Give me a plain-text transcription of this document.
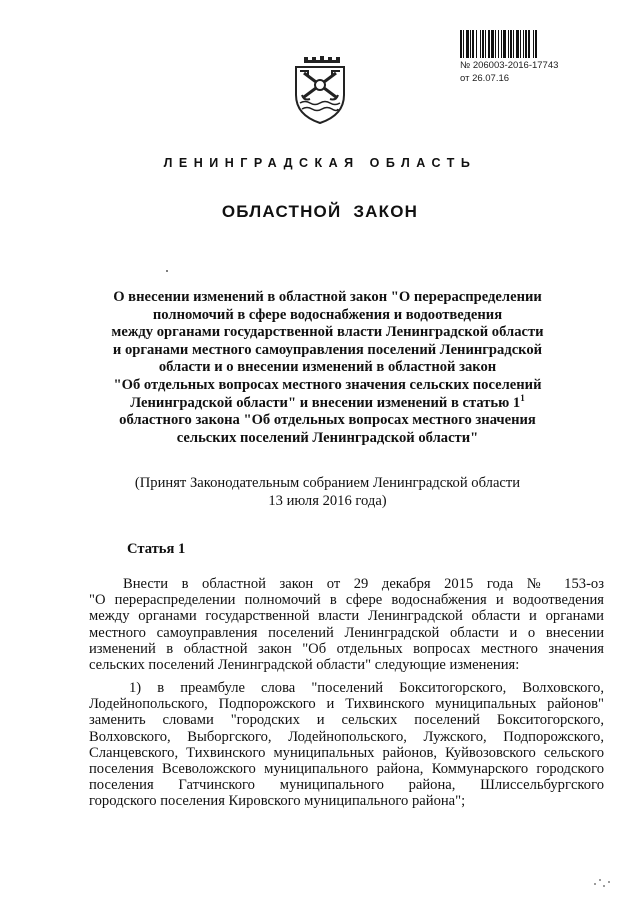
№ 206003-2016-17743
от 26.07.16
ЛЕНИНГРАДСКАЯ ОБЛАСТЬ
ОБЛАСТНОЙ ЗАКОН
О внесении изменений в областной закон "О перераспределении
полномочий в сфере водоснабжения и водоотведения
между органами государственной власти Ленинградской области
и органами местного самоуправления поселений Ленинградской
области и о внесении изменений в областной закон
"Об отдельных вопросах местного значения сельских поселений
Ленинградской области" и внесении изменений в статью $1^1$
областного закона "Об отдельных вопросах местного значения
сельских поселений Ленинградской области"
(Принят Законодательным собранием Ленинградской области
13 июля 2016 года)
Статья 1
Внести в областной закон от 29 декабря 2015 года № 153-оз
"О перераспределении полномочий в сфере водоснабжения и водоотведения
между органами государственной власти Ленинградской области и органами
местного самоуправления поселений Ленинградской области и о внесении
изменений в областной закон "Об отдельных вопросах местного значения
сельских поселений Ленинградской области" следующие изменения:
1) в преамбуле слова "поселений Бокситогорского, Волховского,
Лодейнопольского, Подпорожского и Тихвинского муниципальных районов"
заменить словами "городских и сельских поселений Бокситогорского,
Волховского, Выборгского, Лодейнопольского, Лужского, Подпорожского,
Сланцевского, Тихвинского муниципальных районов, Куйвозовского сельского
поселения Всеволожского муниципального района, Коммунарского городского
поселения Гатчинского муниципального района, Шлиссельбургского
городского поселения Кировского муниципального района";
